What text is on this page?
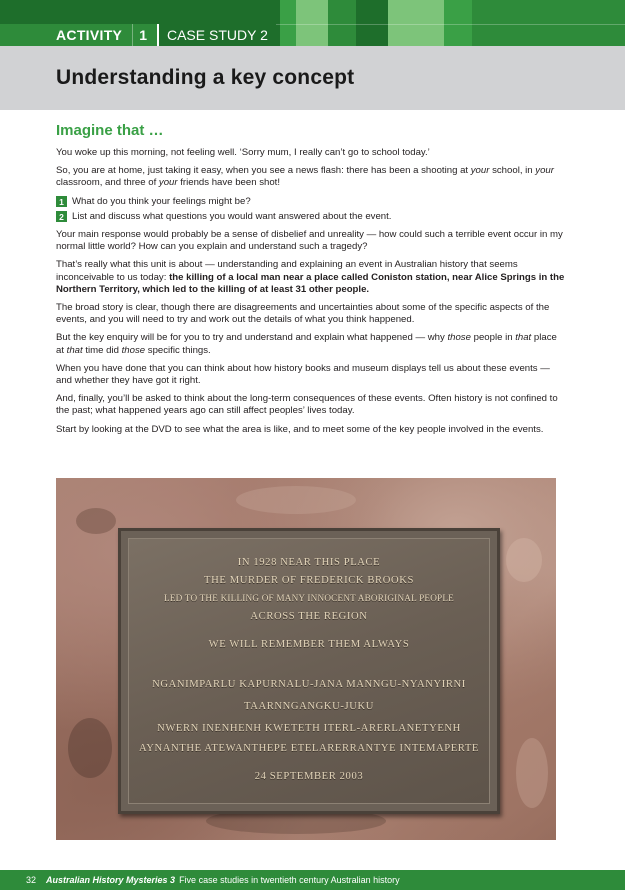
ACTIVITY	1	CASE STUDY 2
Understanding a key concept
Imagine that …

You woke up this morning, not feeling well. ‘Sorry mum, I really can’t go to school today.’

So, you are at home, just taking it easy, when you see a news flash: there has been a shooting at your school, in your classroom, and three of your friends have been shot!

1 What do you think your feelings might be?
2 List and discuss what questions you would want answered about the event.

Your main response would probably be a sense of disbelief and unreality — how could such a terrible event occur in my normal little world? How can you explain and understand such a tragedy?

That’s really what this unit is about — understanding and explaining an event in Australian history that seems inconceivable to us today: the killing of a local man near a place called Coniston station, near Alice Springs in the Northern Territory, which led to the killing of at least 31 other people.

The broad story is clear, though there are disagreements and uncertainties about some of the specific aspects of the events, and you will need to try and work out the details of what you think happened.

But the key enquiry will be for you to try and understand and explain what happened — why those people in that place at that time did those specific things.

When you have done that you can think about how history books and museum displays tell us about these events — and whether they have got it right.

And, finally, you’ll be asked to think about the long-term consequences of these events. Often history is not confined to the past; what happened years ago can still affect peoples’ lives today.

Start by looking at the DVD to see what the area is like, and to meet some of the key people involved in the events.

IN 1928 NEAR THIS PLACE
THE MURDER OF FREDERICK BROOKS
LED TO THE KILLING OF MANY INNOCENT ABORIGINAL PEOPLE
ACROSS THE REGION
WE WILL REMEMBER THEM ALWAYS
NGANIMPARLU KAPURNALU-JANA MANNGU-NYANYIRNI
TAARNNGANGKU-JUKU
NWERN INENHENH KWETETH ITERL-ARERLANETYENH
AYNANTHE ATEWANTHEPE ETELARERRANTYE INTEMAPERTE
24 SEPTEMBER 2003
32 Australian History Mysteries 3 Five case studies in twentieth century Australian history
